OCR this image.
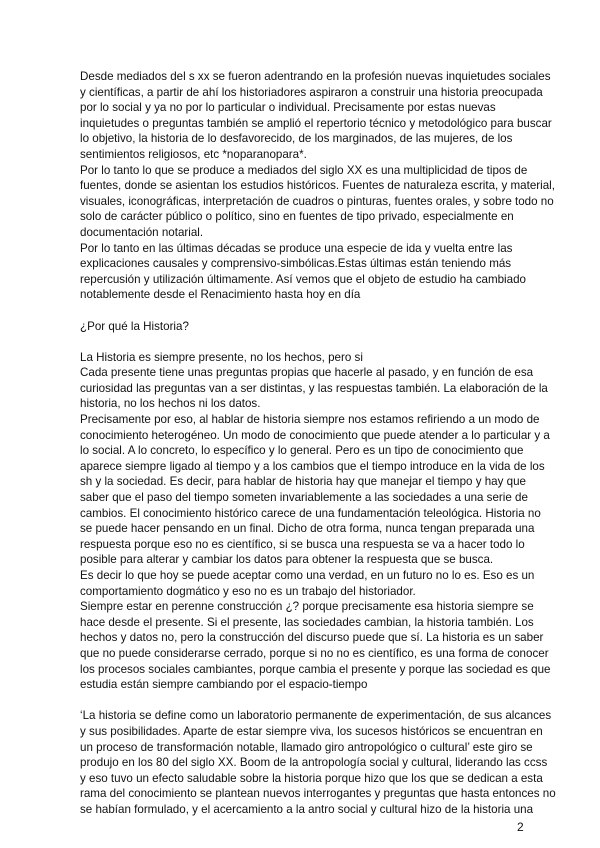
Desde mediados del s xx se fueron adentrando en la profesión nuevas inquietudes sociales
y científicas, a partir de ahí los historiadores aspiraron a construir una historia preocupada
por lo social y ya no por lo particular o individual. Precisamente por estas nuevas
inquietudes o preguntas también se amplió el repertorio técnico y metodológico para buscar
lo objetivo, la historia de lo desfavorecido, de los marginados, de las mujeres, de los
sentimientos religiosos, etc *noparanopara*.
Por lo tanto lo que se produce a mediados del siglo XX es una multiplicidad de tipos de
fuentes, donde se asientan los estudios históricos. Fuentes de naturaleza escrita, y material,
visuales, iconográficas, interpretación de cuadros o pinturas, fuentes orales, y sobre todo no
solo de carácter público o político, sino en fuentes de tipo privado, especialmente en
documentación notarial.
Por lo tanto en las últimas décadas se produce una especie de ida y vuelta entre las
explicaciones causales y comprensivo-simbólicas.Estas últimas están teniendo más
repercusión y utilización últimamente. Así vemos que el objeto de estudio ha cambiado
notablemente desde el Renacimiento hasta hoy en día
¿Por qué la Historia?
La Historia es siempre presente, no los hechos, pero si
Cada presente tiene unas preguntas propias que hacerle al pasado, y en función de esa
curiosidad las preguntas van a ser distintas, y las respuestas también. La elaboración de la
historia, no los hechos ni los datos.
Precisamente por eso, al hablar de historia siempre nos estamos refiriendo a un modo de
conocimiento heterogéneo. Un modo de conocimiento que puede atender a lo particular y a
lo social. A lo concreto, lo específico y lo general. Pero es un tipo de conocimiento que
aparece siempre ligado al tiempo y a los cambios que el tiempo introduce en la vida de los
sh y la sociedad. Es decir, para hablar de historia hay que manejar el tiempo y hay que
saber que el paso del tiempo someten invariablemente a las sociedades a una serie de
cambios. El conocimiento histórico carece de una fundamentación teleológica. Historia no
se puede hacer pensando en un final. Dicho de otra forma, nunca tengan preparada una
respuesta porque eso no es científico, si se busca una respuesta se va a hacer todo lo
posible para alterar y cambiar los datos para obtener la respuesta que se busca.
Es decir lo que hoy se puede aceptar como una verdad, en un futuro no lo es. Eso es un
comportamiento dogmático y eso no es un trabajo del historiador.
Siempre estar en perenne construcción ¿? porque precisamente esa historia siempre se
hace desde el presente. Si el presente, las sociedades cambian, la historia también. Los
hechos y datos no, pero la construcción del discurso puede que sí. La historia es un saber
que no puede considerarse cerrado, porque si no no es científico, es una forma de conocer
los procesos sociales cambiantes, porque cambia el presente y porque las sociedad es que
estudia están siempre cambiando por el espacio-tiempo
‘La historia se define como un laboratorio permanente de experimentación, de sus alcances
y sus posibilidades. Aparte de estar siempre viva, los sucesos históricos se encuentran en
un proceso de transformación notable, llamado giro antropológico o cultural’ este giro se
produjo en los 80 del siglo XX. Boom de la antropología social y cultural, liderando las ccss
y eso tuvo un efecto saludable sobre la historia porque hizo que los que se dedican a esta
rama del conocimiento se plantean nuevos interrogantes y preguntas que hasta entonces no
se habían formulado, y el acercamiento a la antro social y cultural hizo de la historia una
2
